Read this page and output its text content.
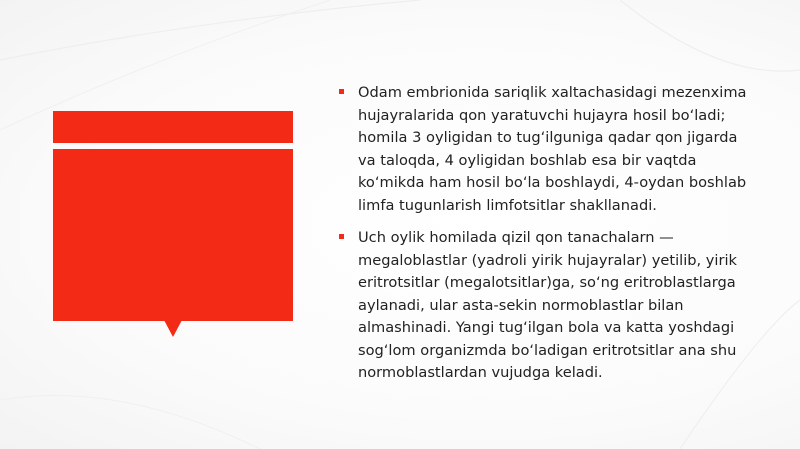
Odam embrionida sariqlik xaltachasidagi mezenxima hujayralarida qon yaratuvchi hujayra hosil bo‘ladi; homila 3 oyligidan to tug‘ilguniga qadar qon jigarda va taloqda, 4 oyligidan boshlab esa bir vaqtda ko‘mikda ham hosil bo‘la boshlaydi, 4-oydan boshlab limfa tugunlarish limfotsitlar shakllanadi.

Uch oylik homilada qizil qon tanachalarn — megaloblastlar (yadroli yirik hujayralar) yetilib, yirik eritrotsitlar (megalotsitlar)ga, so‘ng eritroblastlarga aylanadi, ular asta-sekin normoblastlar bilan almashinadi. Yangi tug‘ilgan bola va katta yoshdagi sog‘lom organizmda bo‘ladigan eritrotsitlar ana shu normoblastlardan vujudga keladi.
